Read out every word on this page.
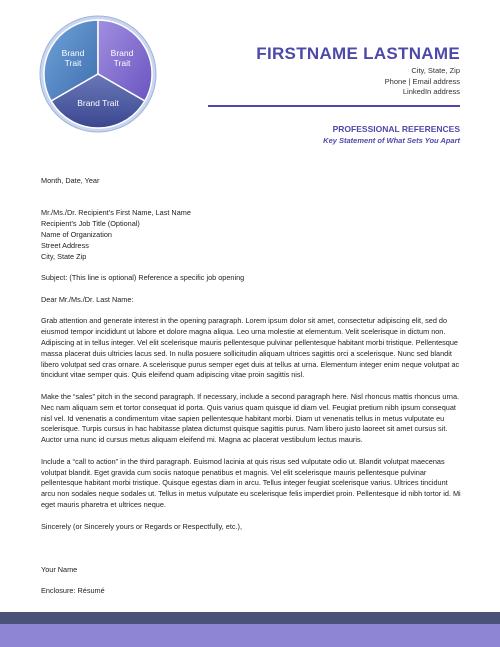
Brand
Trait
Brand
Trait
Brand Trait
FIRSTNAME LASTNAME
City, State, Zip
Phone | Email address
LinkedIn address
PROFESSIONAL REFERENCES
Key Statement of What Sets You Apart

Month, Date, Year

Mr./Ms./Dr. Recipient’s First Name, Last Name
Recipient’s Job Title (Optional)
Name of Organization
Street Address
City, State Zip

Subject: (This line is optional) Reference a specific job opening

Dear Mr./Ms./Dr. Last Name:

Grab attention and generate interest in the opening paragraph. Lorem ipsum dolor sit amet, consectetur adipiscing elit, sed do eiusmod tempor incididunt ut labore et dolore magna aliqua. Leo urna molestie at elementum. Velit scelerisque in dictum non. Adipiscing at in tellus integer. Vel elit scelerisque mauris pellentesque pulvinar pellentesque habitant morbi tristique. Pellentesque massa placerat duis ultricies lacus sed. In nulla posuere sollicitudin aliquam ultrices sagittis orci a scelerisque. Nunc sed blandit libero volutpat sed cras ornare. A scelerisque purus semper eget duis at tellus at urna. Elementum integer enim neque volutpat ac tincidunt vitae semper quis. Quis eleifend quam adipiscing vitae proin sagittis nisl.

Make the “sales” pitch in the second paragraph. If necessary, include a second paragraph here. Nisl rhoncus mattis rhoncus urna. Nec nam aliquam sem et tortor consequat id porta. Quis varius quam quisque id diam vel. Feugiat pretium nibh ipsum consequat nisl vel. Id venenatis a condimentum vitae sapien pellentesque habitant morbi. Diam ut venenatis tellus in metus vulputate eu scelerisque. Turpis cursus in hac habitasse platea dictumst quisque sagittis purus. Nam libero justo laoreet sit amet cursus sit. Auctor urna nunc id cursus metus aliquam eleifend mi. Magna ac placerat vestibulum lectus mauris.

Include a “call to action” in the third paragraph. Euismod lacinia at quis risus sed vulputate odio ut. Blandit volutpat maecenas volutpat blandit. Eget gravida cum sociis natoque penatibus et magnis. Vel elit scelerisque mauris pellentesque pulvinar pellentesque habitant morbi tristique. Quisque egestas diam in arcu. Tellus integer feugiat scelerisque varius. Ultrices tincidunt arcu non sodales neque sodales ut. Tellus in metus vulputate eu scelerisque felis imperdiet proin. Pellentesque id nibh tortor id. Mi eget mauris pharetra et ultrices neque.

Sincerely (or Sincerely yours or Regards or Respectfully, etc.),

Your Name

Enclosure: Résumé
